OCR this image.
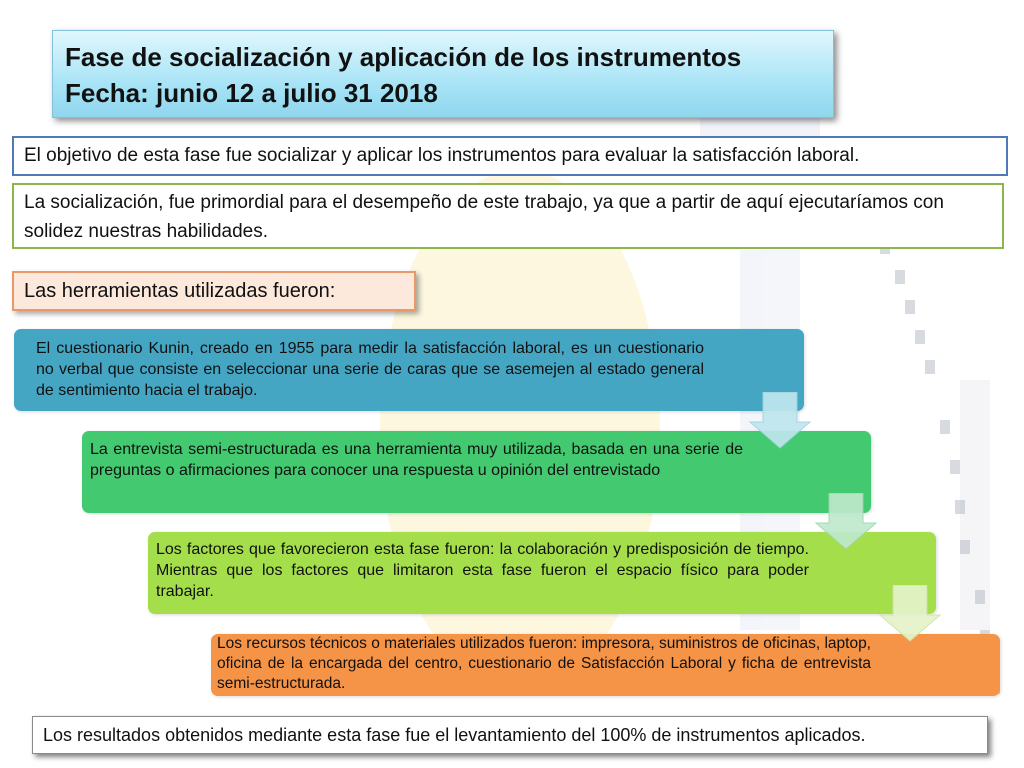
Fase de socialización y aplicación de los instrumentos
Fecha: junio 12 a julio 31 2018
El objetivo de esta fase fue socializar y aplicar los instrumentos para evaluar la satisfacción laboral.
La socialización, fue primordial para el desempeño de este trabajo, ya que a partir de aquí ejecutaríamos con solidez nuestras habilidades.
Las herramientas utilizadas fueron:
El cuestionario Kunin, creado en 1955 para medir la satisfacción laboral, es un cuestionario no verbal que consiste en seleccionar una serie de caras que se asemejen al estado general de sentimiento hacia el trabajo.
La entrevista semi-estructurada es una herramienta muy utilizada, basada en una serie de preguntas o afirmaciones para conocer una respuesta u opinión del entrevistado
Los factores que favorecieron esta fase fueron: la colaboración y predisposición de tiempo. Mientras que los factores que limitaron esta fase fueron el espacio físico para poder trabajar.
Los recursos técnicos o materiales utilizados fueron: impresora, suministros de oficinas, laptop, oficina de la encargada del centro, cuestionario de Satisfacción Laboral y ficha de entrevista semi-estructurada.
Los resultados obtenidos mediante esta fase fue el levantamiento del 100% de instrumentos aplicados.
